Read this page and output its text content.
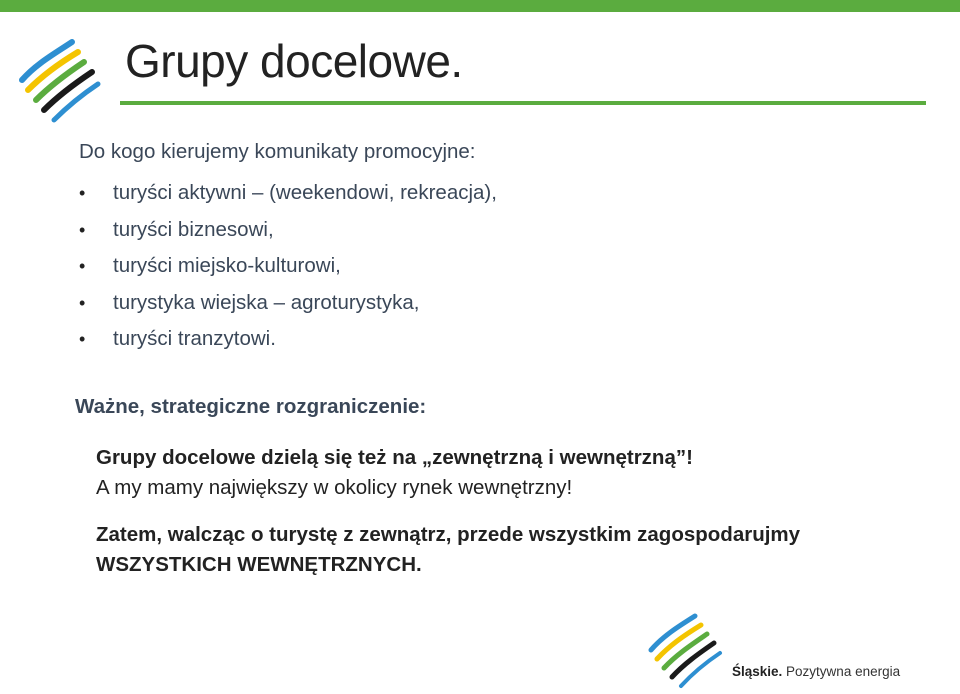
Grupy docelowe.

Do kogo kierujemy komunikaty promocyjne:

• turyści aktywni – (weekendowi, rekreacja),
• turyści biznesowi,
• turyści miejsko-kulturowi,
• turystyka wiejska – agroturystyka,
• turyści tranzytowi.

Ważne, strategiczne rozgraniczenie:

Grupy docelowe dzielą się też na „zewnętrzną i wewnętrzną”!

A my mamy największy w okolicy rynek wewnętrzny!

Zatem, walcząc o turystę z zewnątrz, przede wszystkim zagospodarujmy WSZYSTKICH WEWNĘTRZNYCH.

Śląskie. Pozytywna energia
